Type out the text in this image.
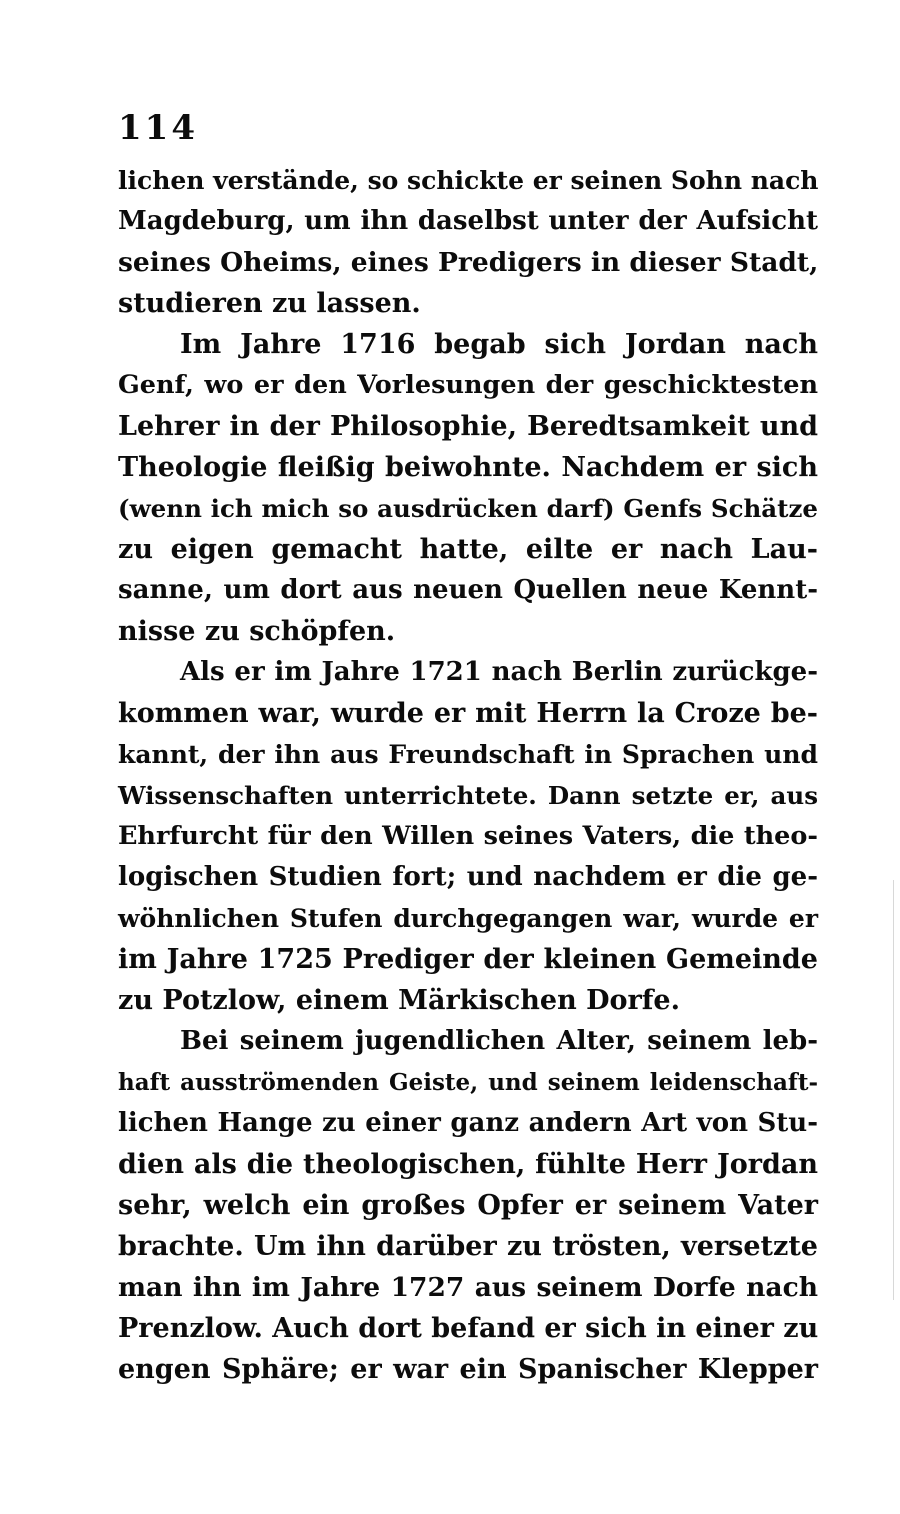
114
lichen verstände, so schickte er seinen Sohn nach
Magdeburg, um ihn daselbst unter der Aufsicht
seines Oheims, eines Predigers in dieser Stadt,
studieren zu lassen.
Im Jahre 1716 begab sich Jordan nach
Genf, wo er den Vorlesungen der geschicktesten
Lehrer in der Philosophie, Beredtsamkeit und
Theologie fleißig beiwohnte. Nachdem er sich
(wenn ich mich so ausdrücken darf) Genfs Schätze
zu eigen gemacht hatte, eilte er nach Lau-
sanne, um dort aus neuen Quellen neue Kennt-
nisse zu schöpfen.
Als er im Jahre 1721 nach Berlin zurückge-
kommen war, wurde er mit Herrn la Croze be-
kannt, der ihn aus Freundschaft in Sprachen und
Wissenschaften unterrichtete. Dann setzte er, aus
Ehrfurcht für den Willen seines Vaters, die theo-
logischen Studien fort; und nachdem er die ge-
wöhnlichen Stufen durchgegangen war, wurde er
im Jahre 1725 Prediger der kleinen Gemeinde
zu Potzlow, einem Märkischen Dorfe.
Bei seinem jugendlichen Alter, seinem leb-
haft ausströmenden Geiste, und seinem leidenschaft-
lichen Hange zu einer ganz andern Art von Stu-
dien als die theologischen, fühlte Herr Jordan
sehr, welch ein großes Opfer er seinem Vater
brachte. Um ihn darüber zu trösten, versetzte
man ihn im Jahre 1727 aus seinem Dorfe nach
Prenzlow. Auch dort befand er sich in einer zu
engen Sphäre; er war ein Spanischer Klepper
